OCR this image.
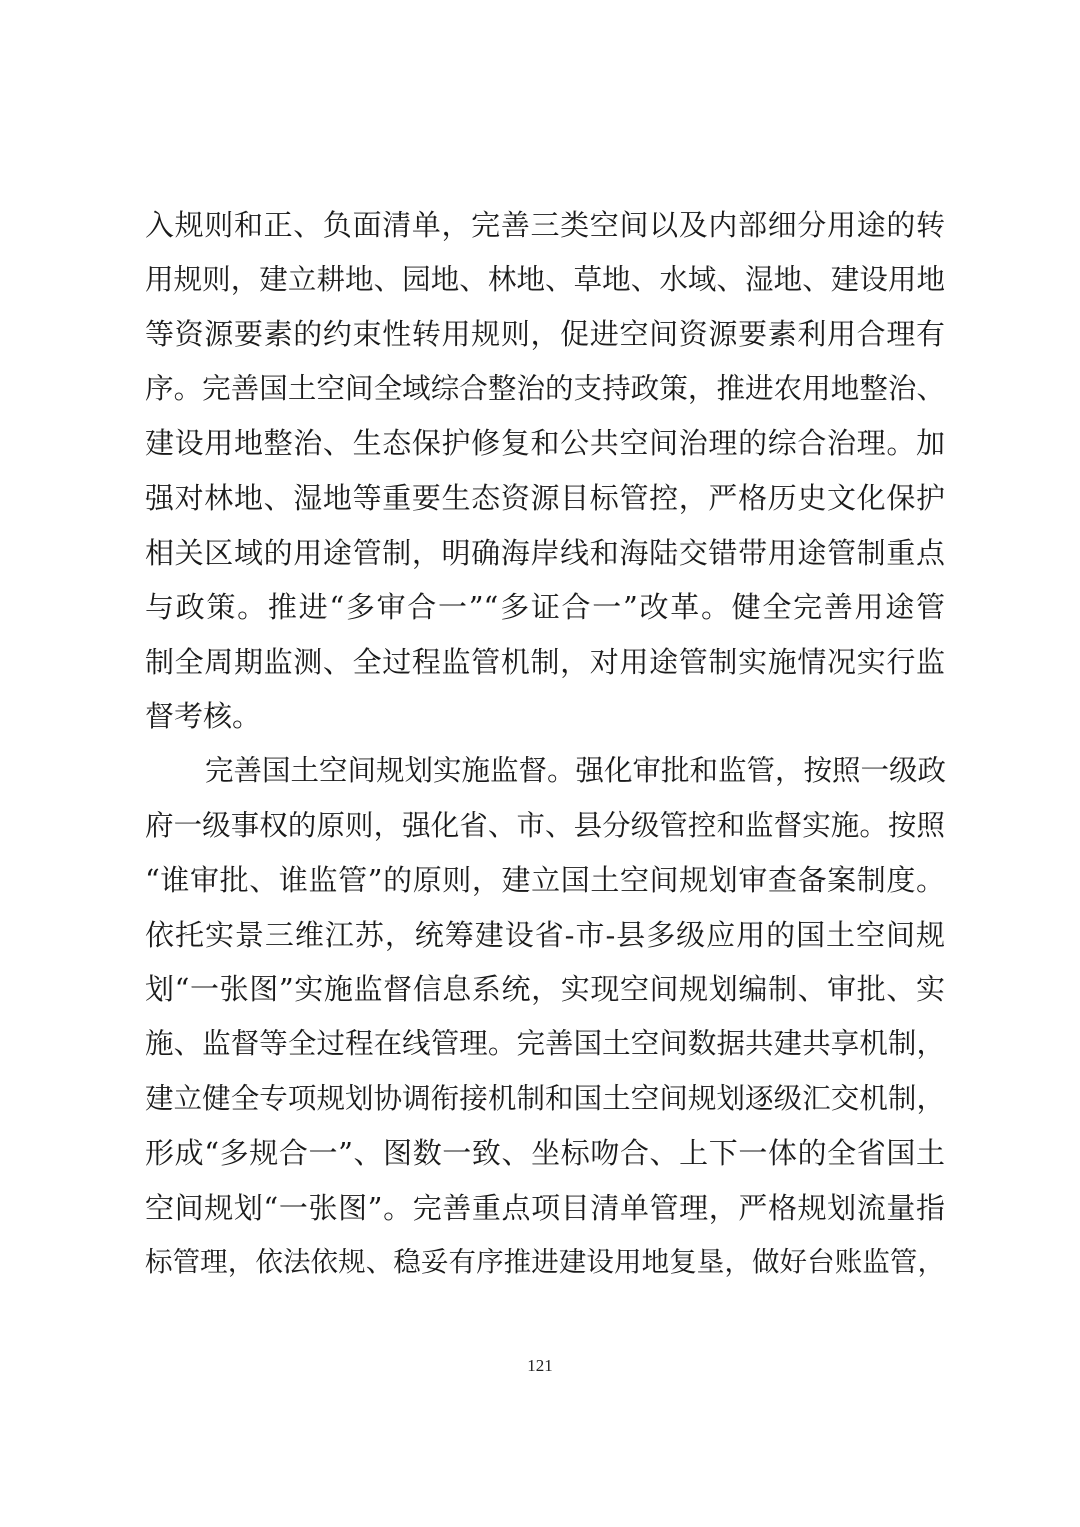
入规则和正、负面清单，完善三类空间以及内部细分用途的转
用规则，建立耕地、园地、林地、草地、水域、湿地、建设用地
等资源要素的约束性转用规则，促进空间资源要素利用合理有
序。完善国土空间全域综合整治的支持政策，推进农用地整治、
建设用地整治、生态保护修复和公共空间治理的综合治理。加
强对林地、湿地等重要生态资源目标管控，严格历史文化保护
相关区域的用途管制，明确海岸线和海陆交错带用途管制重点
与政策。推进“多审合一”“多证合一”改革。健全完善用途管
制全周期监测、全过程监管机制，对用途管制实施情况实行监
督考核。
完善国土空间规划实施监督。强化审批和监管，按照一级政
府一级事权的原则，强化省、市、县分级管控和监督实施。按照
“谁审批、谁监管”的原则，建立国土空间规划审查备案制度。
依托实景三维江苏，统筹建设省-市-县多级应用的国土空间规
划“一张图”实施监督信息系统，实现空间规划编制、审批、实
施、监督等全过程在线管理。完善国土空间数据共建共享机制，
建立健全专项规划协调衔接机制和国土空间规划逐级汇交机制，
形成“多规合一”、图数一致、坐标吻合、上下一体的全省国土
空间规划“一张图”。完善重点项目清单管理，严格规划流量指
标管理，依法依规、稳妥有序推进建设用地复垦，做好台账监管，
121
